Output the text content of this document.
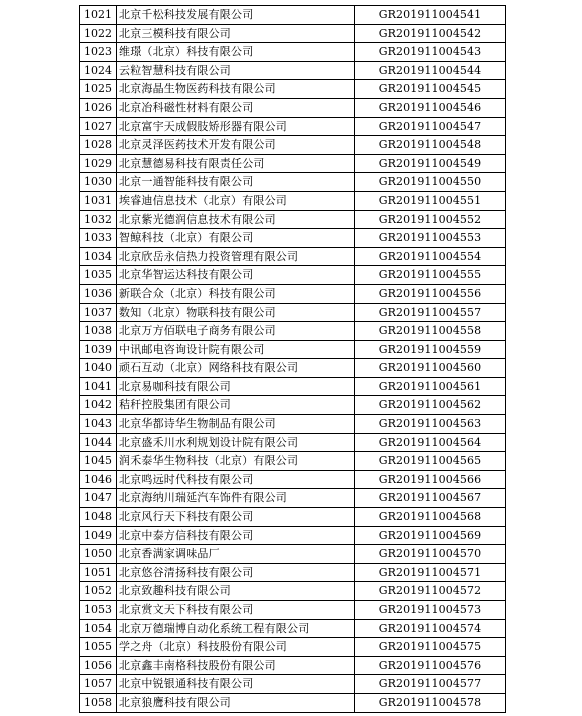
1021 北京千松科技发展有限公司	GR201911004541
1022 北京三模科技有限公司	GR201911004542
1023 维璟（北京）科技有限公司	GR201911004543
1024 云粒智慧科技有限公司	GR201911004544
1025 北京海晶生物医药科技有限公司	GR201911004545
1026 北京冶科磁性材料有限公司	GR201911004546
1027 北京富宇天成假肢矫形器有限公司	GR201911004547
1028 北京灵泽医药技术开发有限公司	GR201911004548
1029 北京慧德易科技有限责任公司	GR201911004549
1030 北京一通智能科技有限公司	GR201911004550
1031 埃睿迪信息技术（北京）有限公司	GR201911004551
1032 北京紫光德润信息技术有限公司	GR201911004552
1033 智鲸科技（北京）有限公司	GR201911004553
1034 北京欣岳永信热力投资管理有限公司	GR201911004554
1035 北京华智运达科技有限公司	GR201911004555
1036 新联合众（北京）科技有限公司	GR201911004556
1037 数知（北京）物联科技有限公司	GR201911004557
1038 北京万方佰联电子商务有限公司	GR201911004558
1039 中讯邮电咨询设计院有限公司	GR201911004559
1040 顽石互动（北京）网络科技有限公司	GR201911004560
1041 北京易咖科技有限公司	GR201911004561
1042 秸秆控股集团有限公司	GR201911004562
1043 北京华都诗华生物制品有限公司	GR201911004563
1044 北京盛禾川水利规划设计院有限公司	GR201911004564
1045 润禾泰华生物科技（北京）有限公司	GR201911004565
1046 北京鸣远时代科技有限公司	GR201911004566
1047 北京海纳川瑞延汽车饰件有限公司	GR201911004567
1048 北京风行天下科技有限公司	GR201911004568
1049 北京中泰方信科技有限公司	GR201911004569
1050 北京香满家调味品厂	GR201911004570
1051 北京悠谷清扬科技有限公司	GR201911004571
1052 北京致趣科技有限公司	GR201911004572
1053 北京赏文天下科技有限公司	GR201911004573
1054 北京万德瑞博自动化系统工程有限公司	GR201911004574
1055 学之舟（北京）科技股份有限公司	GR201911004575
1056 北京鑫丰南格科技股份有限公司	GR201911004576
1057 北京中锐银通科技有限公司	GR201911004577
1058 北京狼鹰科技有限公司	GR201911004578
